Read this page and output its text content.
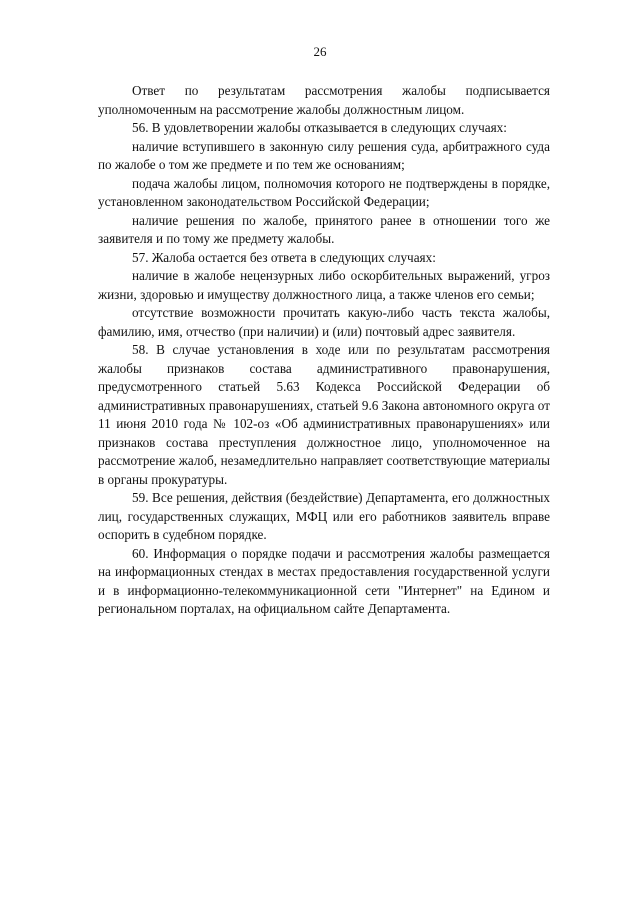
26

Ответ по результатам рассмотрения жалобы подписывается уполномоченным на рассмотрение жалобы должностным лицом.

56. В удовлетворении жалобы отказывается в следующих случаях:

наличие вступившего в законную силу решения суда, арбитражного суда по жалобе о том же предмете и по тем же основаниям;

подача жалобы лицом, полномочия которого не подтверждены в порядке, установленном законодательством Российской Федерации;

наличие решения по жалобе, принятого ранее в отношении того же заявителя и по тому же предмету жалобы.

57. Жалоба остается без ответа в следующих случаях:

наличие в жалобе нецензурных либо оскорбительных выражений, угроз жизни, здоровью и имуществу должностного лица, а также членов его семьи;

отсутствие возможности прочитать какую-либо часть текста жалобы, фамилию, имя, отчество (при наличии) и (или) почтовый адрес заявителя.

58. В случае установления в ходе или по результатам рассмотрения жалобы признаков состава административного правонарушения, предусмотренного статьей 5.63 Кодекса Российской Федерации об административных правонарушениях, статьей 9.6 Закона автономного округа от 11 июня 2010 года № 102-оз «Об административных правонарушениях» или признаков состава преступления должностное лицо, уполномоченное на рассмотрение жалоб, незамедлительно направляет соответствующие материалы в органы прокуратуры.

59. Все решения, действия (бездействие) Департамента, его должностных лиц, государственных служащих, МФЦ или его работников заявитель вправе оспорить в судебном порядке.

60. Информация о порядке подачи и рассмотрения жалобы размещается на информационных стендах в местах предоставления государственной услуги и в информационно-телекоммуникационной сети "Интернет" на Едином и региональном порталах, на официальном сайте Департамента.
